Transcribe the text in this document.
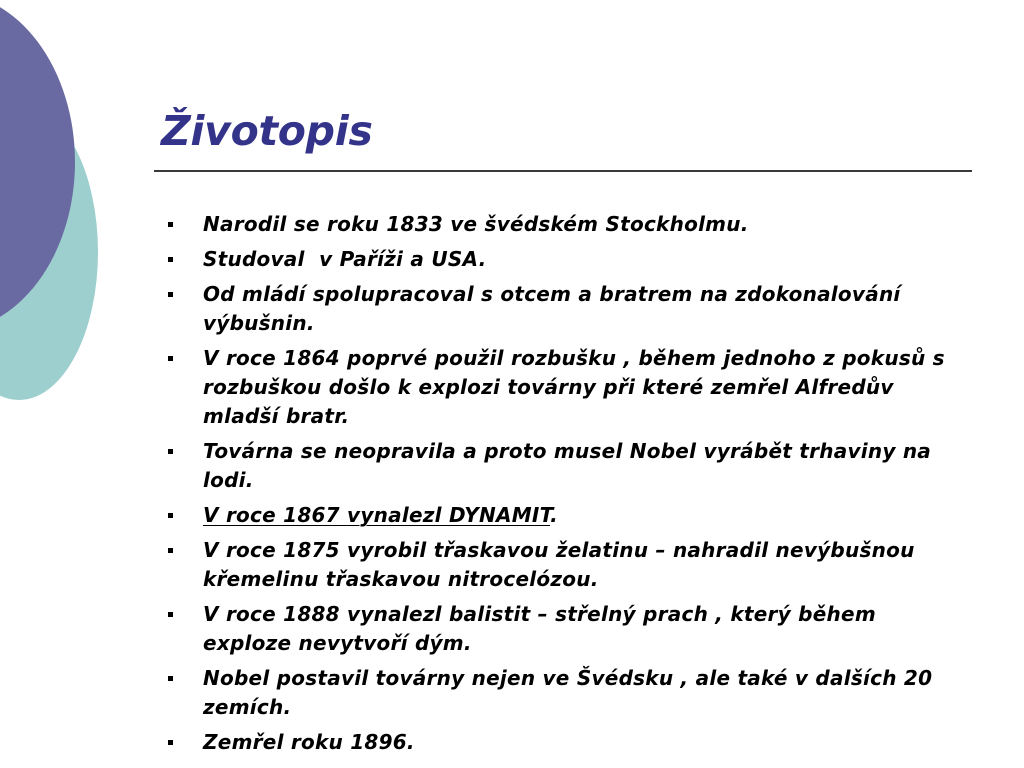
Životopis
Narodil se roku 1833 ve švédském Stockholmu.
Studoval  v Paříži a USA.
Od mládí spolupracoval s otcem a bratrem na zdokonalování výbušnin.
V roce 1864 poprvé použil rozbušku , během jednoho z pokusů s rozbuškou došlo k explozi továrny při které zemřel Alfredův mladší bratr.
Továrna se neopravila a proto musel Nobel vyrábět trhaviny na lodi.
V roce 1867 vynalezl DYNAMIT.
V roce 1875 vyrobil třaskavou želatinu – nahradil nevýbušnou křemelinu třaskavou nitrocelózou.
V roce 1888 vynalezl balistit – střelný prach , který během exploze nevytvoří dým.
Nobel postavil továrny nejen ve Švédsku , ale také v dalších 20 zemích.
Zemřel roku 1896.
